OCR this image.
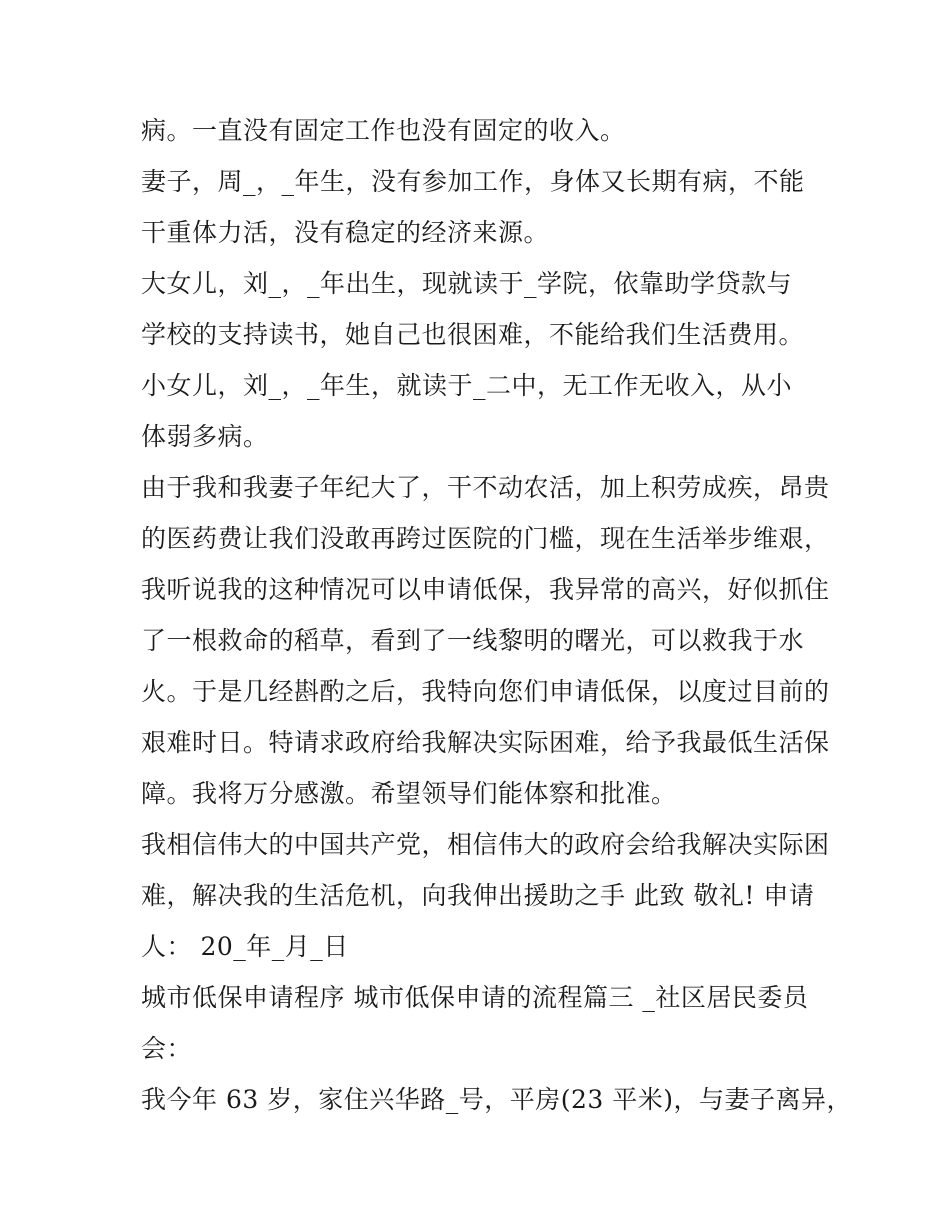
病。一直没有固定工作也没有固定的收入。
妻子，周_，_年生，没有参加工作，身体又长期有病，不能
干重体力活，没有稳定的经济来源。
大女儿，刘_，_年出生，现就读于_学院，依靠助学贷款与
学校的支持读书，她自己也很困难，不能给我们生活费用。
小女儿，刘_，_年生，就读于_二中，无工作无收入，从小
体弱多病。
由于我和我妻子年纪大了，干不动农活，加上积劳成疾，昂贵
的医药费让我们没敢再跨过医院的门槛，现在生活举步维艰，
我听说我的这种情况可以申请低保，我异常的高兴，好似抓住
了一根救命的稻草，看到了一线黎明的曙光，可以救我于水
火。于是几经斟酌之后，我特向您们申请低保，以度过目前的
艰难时日。特请求政府给我解决实际困难，给予我最低生活保
障。我将万分感激。希望领导们能体察和批准。
我相信伟大的中国共产党，相信伟大的政府会给我解决实际困
难，解决我的生活危机，向我伸出援助之手 此致 敬礼! 申请
人： 20_年_月_日
城市低保申请程序 城市低保申请的流程篇三 _社区居民委员
会：
我今年 63 岁，家住兴华路_号，平房(23 平米)，与妻子离异，
